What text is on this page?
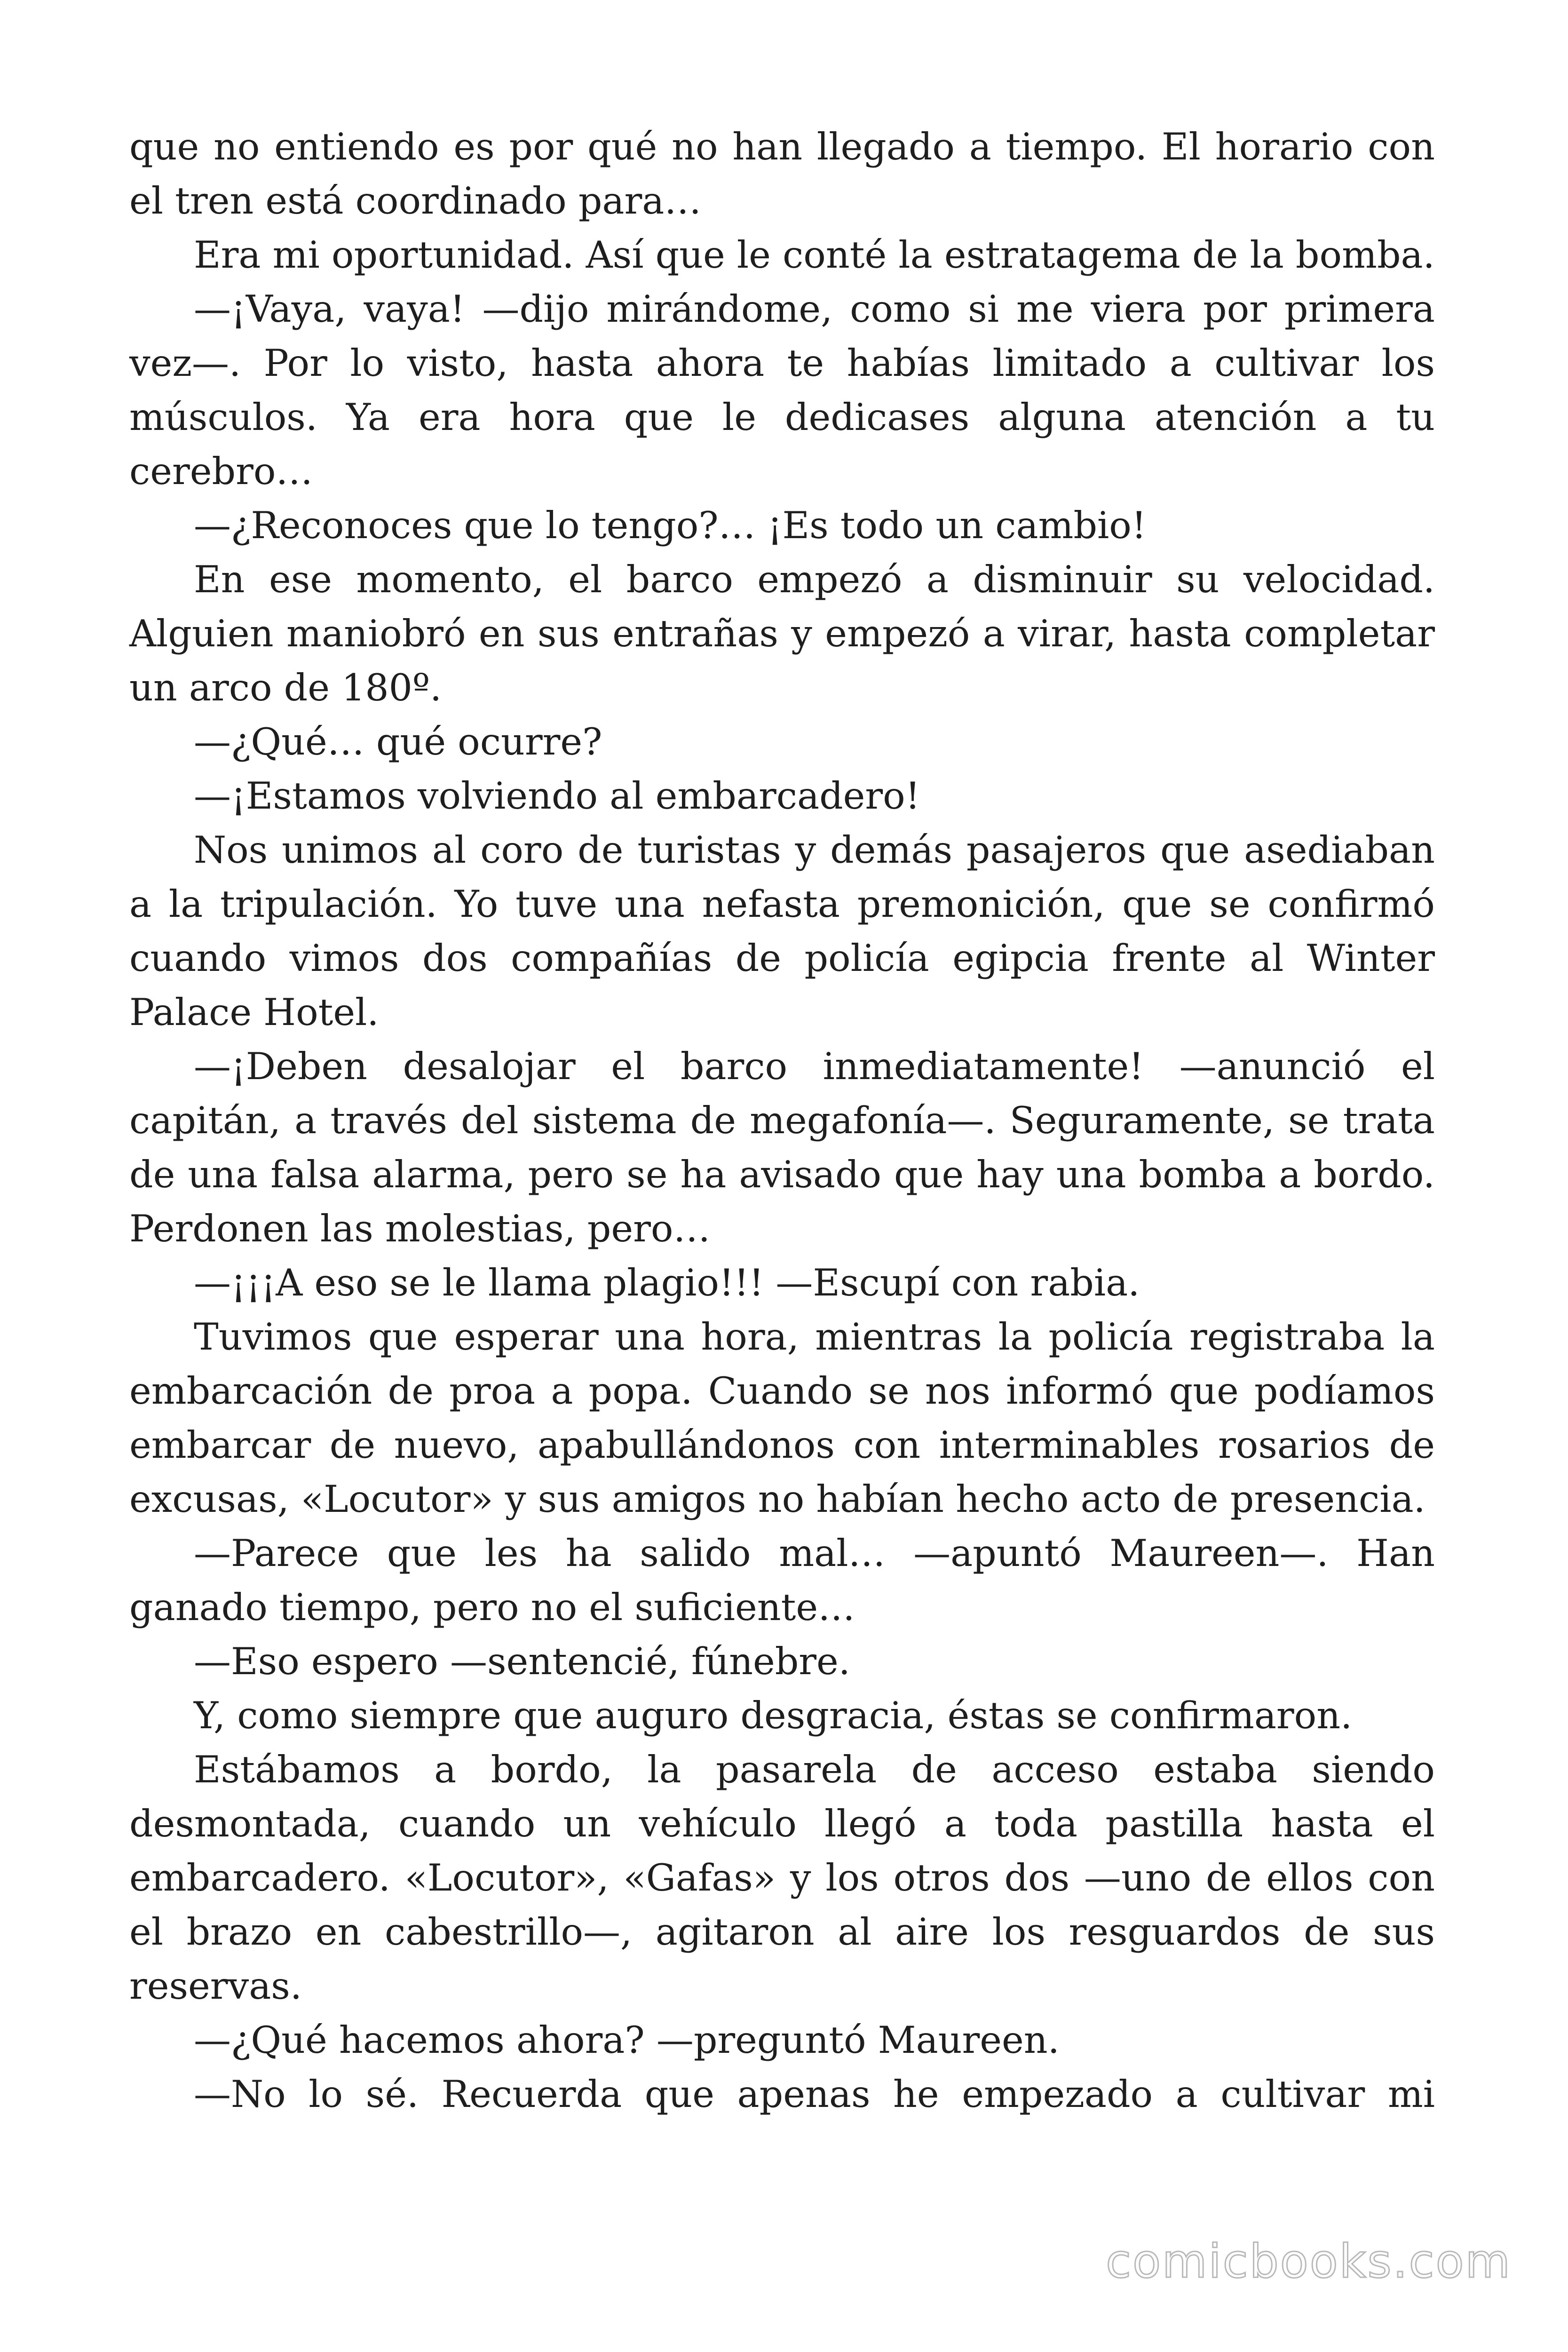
que no entiendo es por qué no han llegado a tiempo. El horario con el tren está coordinado para…

Era mi oportunidad. Así que le conté la estratagema de la bomba.

—¡Vaya, vaya! —dijo mirándome, como si me viera por primera vez—. Por lo visto, hasta ahora te habías limitado a cultivar los músculos. Ya era hora que le dedicases alguna atención a tu cerebro…

—¿Reconoces que lo tengo?… ¡Es todo un cambio!

En ese momento, el barco empezó a disminuir su velocidad. Alguien maniobró en sus entrañas y empezó a virar, hasta completar un arco de 180º.

—¿Qué… qué ocurre?

—¡Estamos volviendo al embarcadero!

Nos unimos al coro de turistas y demás pasajeros que asediaban a la tripulación. Yo tuve una nefasta premonición, que se confirmó cuando vimos dos compañías de policía egipcia frente al Winter Palace Hotel.

—¡Deben desalojar el barco inmediatamente! —anunció el capitán, a través del sistema de megafonía—. Seguramente, se trata de una falsa alarma, pero se ha avisado que hay una bomba a bordo. Perdonen las molestias, pero…

—¡¡¡A eso se le llama plagio!!! —Escupí con rabia.

Tuvimos que esperar una hora, mientras la policía registraba la embarcación de proa a popa. Cuando se nos informó que podíamos embarcar de nuevo, apabullándonos con interminables rosarios de excusas, «Locutor» y sus amigos no habían hecho acto de presencia.

—Parece que les ha salido mal… —apuntó Maureen—. Han ganado tiempo, pero no el suficiente…

—Eso espero —sentencié, fúnebre.

Y, como siempre que auguro desgracia, éstas se confirmaron.

Estábamos a bordo, la pasarela de acceso estaba siendo desmontada, cuando un vehículo llegó a toda pastilla hasta el embarcadero. «Locutor», «Gafas» y los otros dos —uno de ellos con el brazo en cabestrillo—, agitaron al aire los resguardos de sus reservas.

—¿Qué hacemos ahora? —preguntó Maureen.

—No lo sé. Recuerda que apenas he empezado a cultivar mi

comicbooks.com
